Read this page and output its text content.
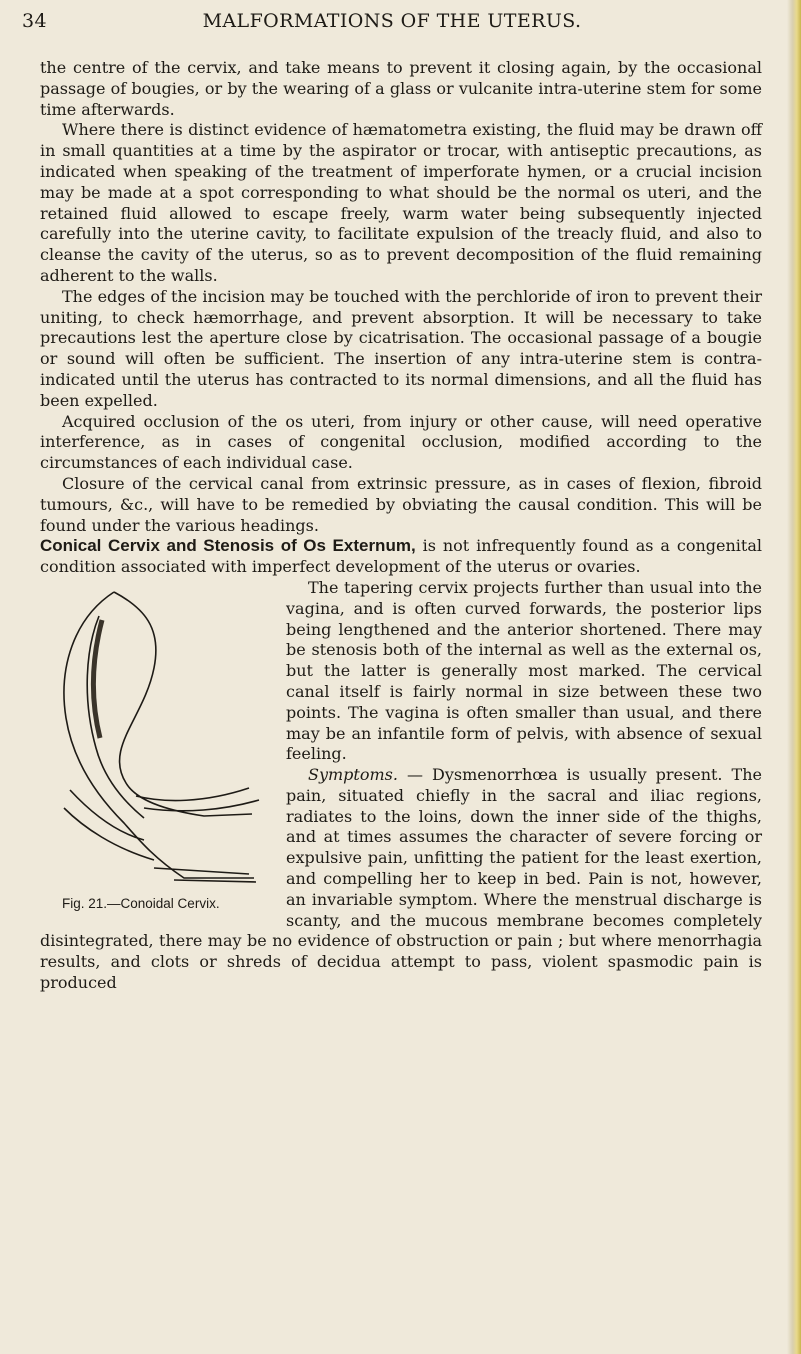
34	MALFORMATIONS OF THE UTERUS.

the centre of the cervix, and take means to prevent it closing again, by the occasional passage of bougies, or by the wearing of a glass or vulcanite intra-uterine stem for some time afterwards.

Where there is distinct evidence of hæmatometra existing, the fluid may be drawn off in small quantities at a time by the aspirator or trocar, with antiseptic precautions, as indicated when speaking of the treatment of imperforate hymen, or a crucial incision may be made at a spot corresponding to what should be the normal os uteri, and the retained fluid allowed to escape freely, warm water being subsequently injected carefully into the uterine cavity, to facilitate expulsion of the treacly fluid, and also to cleanse the cavity of the uterus, so as to prevent decomposition of the fluid remaining adherent to the walls.

The edges of the incision may be touched with the perchloride of iron to prevent their uniting, to check hæmorrhage, and prevent absorption. It will be necessary to take precautions lest the aperture close by cicatrisation. The occasional passage of a bougie or sound will often be sufficient. The insertion of any intra-uterine stem is contra-indicated until the uterus has contracted to its normal dimensions, and all the fluid has been expelled.

Acquired occlusion of the os uteri, from injury or other cause, will need operative interference, as in cases of congenital occlusion, modified according to the circumstances of each individual case.

Closure of the cervical canal from extrinsic pressure, as in cases of flexion, fibroid tumours, &c., will have to be remedied by obviating the causal condition. This will be found under the various headings.

Conical Cervix and Stenosis of Os Externum, is not infrequently found as a congenital condition associated with imperfect development of the uterus or ovaries.

Fig. 21.—Conoidal Cervix.
The tapering cervix projects further than usual into the vagina, and is often curved forwards, the posterior lips being lengthened and the anterior shortened. There may be stenosis both of the internal as well as the external os, but the latter is generally most marked. The cervical canal itself is fairly normal in size between these two points. The vagina is often smaller than usual, and there may be an infantile form of pelvis, with absence of sexual feeling.

Symptoms. — Dysmenorrhœa is usually present. The pain, situated chiefly in the sacral and iliac regions, radiates to the loins, down the inner side of the thighs, and at times assumes the character of severe forcing or expulsive pain, unfitting the patient for the least exertion, and compelling her to keep in bed. Pain is not, however, an invariable symptom. Where the menstrual discharge is scanty, and the mucous membrane becomes completely disintegrated, there may be no evidence of obstruction or pain ; but where menorrhagia results, and clots or shreds of decidua attempt to pass, violent spasmodic pain is produced
